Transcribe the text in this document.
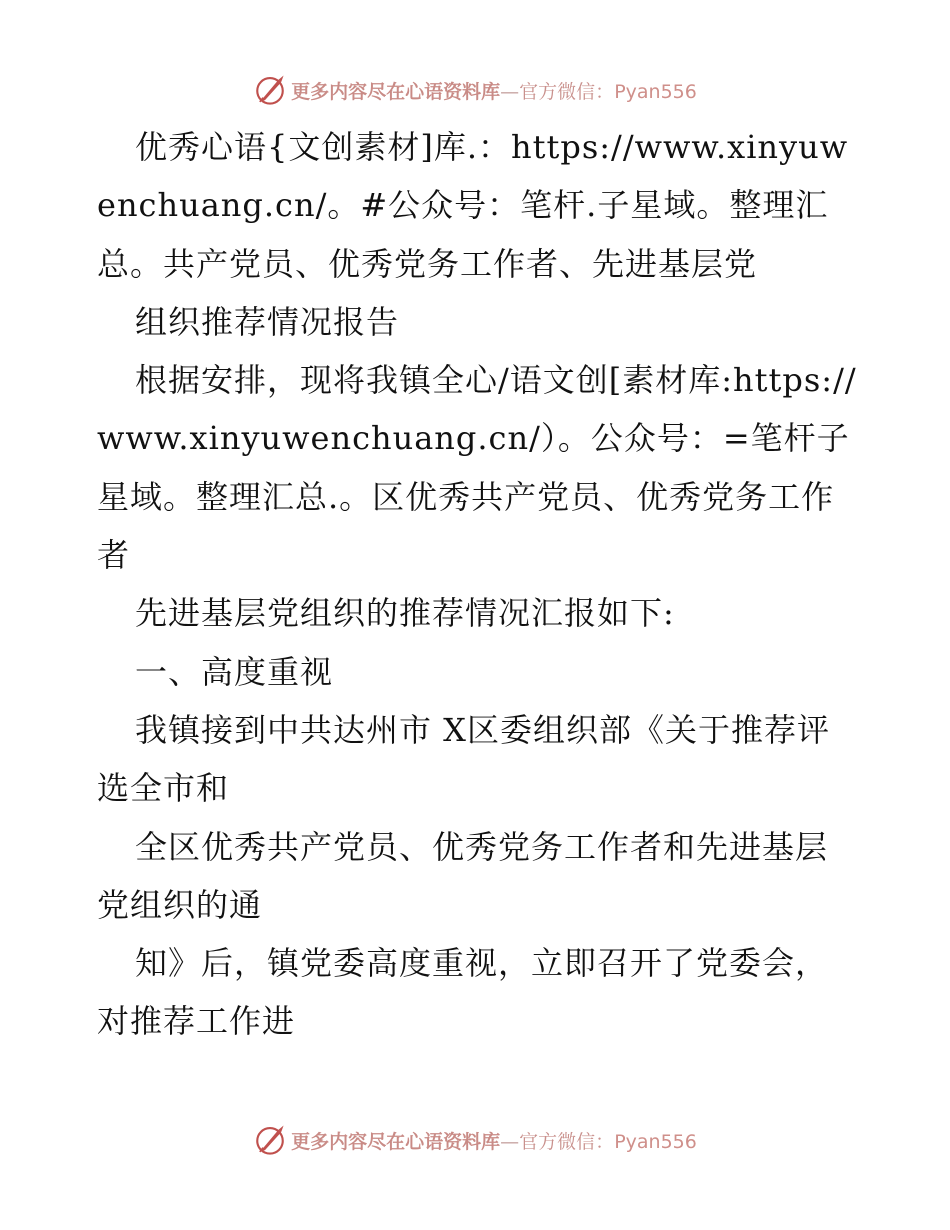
更多内容尽在心语资料库—官方微信：Pyan556

优秀心语{文创素材]库.：https://www.xinyuwenchuang.cn/。#公众号：笔杆.子星域。整理汇总。共产党员、优秀党务工作者、先进基层党

组织推荐情况报告

根据安排，现将我镇全心/语文创[素材库:https://www.xinyuwenchuang.cn/）。公众号：=笔杆子星域。整理汇总.。区优秀共产党员、优秀党务工作者

先进基层党组织的推荐情况汇报如下:

一、高度重视

我镇接到中共达州市 X区委组织部《关于推荐评选全市和

全区优秀共产党员、优秀党务工作者和先进基层党组织的通

知》后，镇党委高度重视，立即召开了党委会，对推荐工作进

更多内容尽在心语资料库—官方微信：Pyan556
